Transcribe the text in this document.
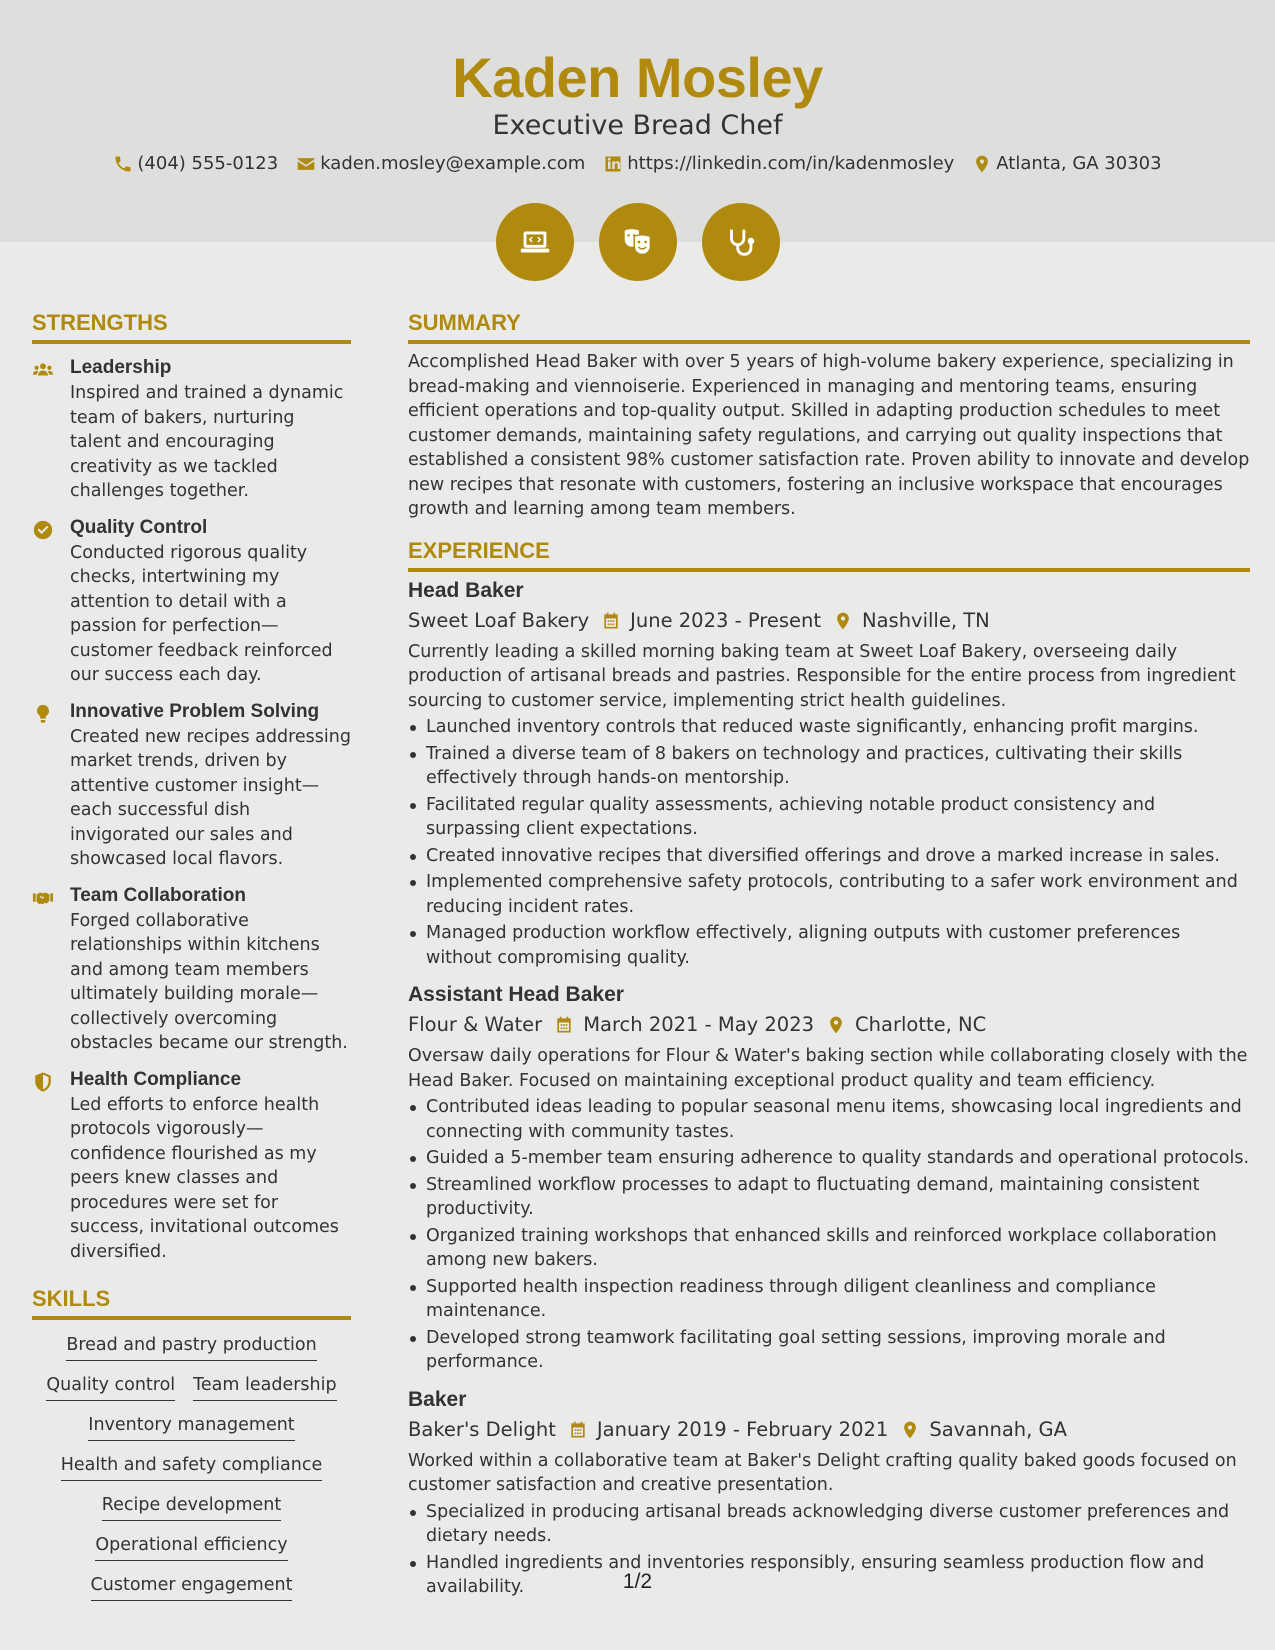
Kaden Mosley
Executive Bread Chef
(404) 555-0123 kaden.mosley@example.com https://linkedin.com/in/kadenmosley Atlanta, GA 30303
STRENGTHS
Leadership
Inspired and trained a dynamic team of bakers, nurturing talent and encouraging creativity as we tackled challenges together.
Quality Control
Conducted rigorous quality checks, intertwining my attention to detail with a passion for perfection—customer feedback reinforced our success each day.
Innovative Problem Solving
Created new recipes addressing market trends, driven by attentive customer insight—each successful dish invigorated our sales and showcased local flavors.
Team Collaboration
Forged collaborative relationships within kitchens and among team members ultimately building morale—collectively overcoming obstacles became our strength.
Health Compliance
Led efforts to enforce health protocols vigorously—confidence flourished as my peers knew classes and procedures were set for success, invitational outcomes diversified.
SKILLS
Bread and pastry production
Quality control Team leadership
Inventory management
Health and safety compliance
Recipe development
Operational efficiency
Customer engagement
SUMMARY
Accomplished Head Baker with over 5 years of high-volume bakery experience, specializing in bread-making and viennoiserie. Experienced in managing and mentoring teams, ensuring efficient operations and top-quality output. Skilled in adapting production schedules to meet customer demands, maintaining safety regulations, and carrying out quality inspections that established a consistent 98% customer satisfaction rate. Proven ability to innovate and develop new recipes that resonate with customers, fostering an inclusive workspace that encourages growth and learning among team members.
EXPERIENCE
Head Baker
Sweet Loaf Bakery June 2023 - Present Nashville, TN
Currently leading a skilled morning baking team at Sweet Loaf Bakery, overseeing daily production of artisanal breads and pastries. Responsible for the entire process from ingredient sourcing to customer service, implementing strict health guidelines.
Launched inventory controls that reduced waste significantly, enhancing profit margins.
Trained a diverse team of 8 bakers on technology and practices, cultivating their skills effectively through hands-on mentorship.
Facilitated regular quality assessments, achieving notable product consistency and surpassing client expectations.
Created innovative recipes that diversified offerings and drove a marked increase in sales.
Implemented comprehensive safety protocols, contributing to a safer work environment and reducing incident rates.
Managed production workflow effectively, aligning outputs with customer preferences without compromising quality.
Assistant Head Baker
Flour & Water March 2021 - May 2023 Charlotte, NC
Oversaw daily operations for Flour & Water's baking section while collaborating closely with the Head Baker. Focused on maintaining exceptional product quality and team efficiency.
Contributed ideas leading to popular seasonal menu items, showcasing local ingredients and connecting with community tastes.
Guided a 5-member team ensuring adherence to quality standards and operational protocols.
Streamlined workflow processes to adapt to fluctuating demand, maintaining consistent productivity.
Organized training workshops that enhanced skills and reinforced workplace collaboration among new bakers.
Supported health inspection readiness through diligent cleanliness and compliance maintenance.
Developed strong teamwork facilitating goal setting sessions, improving morale and performance.
Baker
Baker's Delight January 2019 - February 2021 Savannah, GA
Worked within a collaborative team at Baker's Delight crafting quality baked goods focused on customer satisfaction and creative presentation.
Specialized in producing artisanal breads acknowledging diverse customer preferences and dietary needs.
Handled ingredients and inventories responsibly, ensuring seamless production flow and availability.	1/2
